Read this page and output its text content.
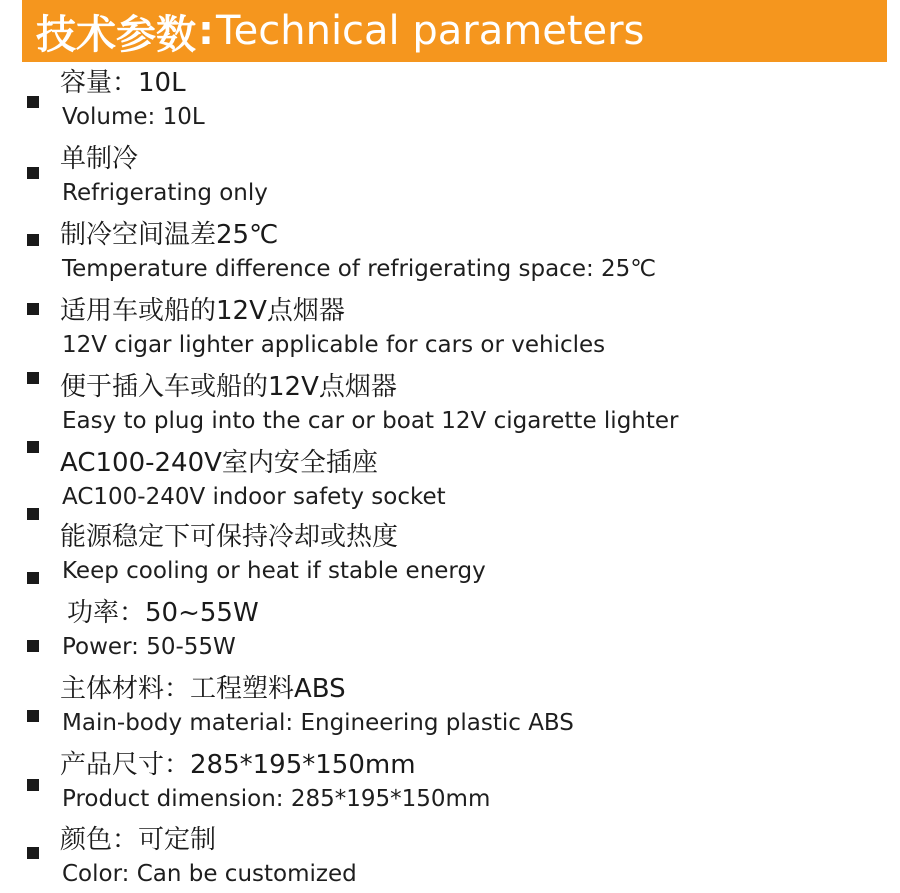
技术参数 : Technical parameters
容量：10L
Volume: 10L
单制冷
Refrigerating only
制冷空间温差25℃
Temperature difference of refrigerating space: 25℃
适用车或船的12V点烟器
12V cigar lighter applicable for cars or vehicles
便于插入车或船的12V点烟器
Easy to plug into the car or boat 12V cigarette lighter
AC100-240V室内安全插座
AC100-240V indoor safety socket
能源稳定下可保持冷却或热度
Keep cooling or heat if stable energy
功率：50~55W
Power: 50-55W
主体材料：工程塑料ABS
Main-body material: Engineering plastic ABS
产品尺寸：285*195*150mm
Product dimension: 285*195*150mm
颜色：可定制
Color: Can be customized
